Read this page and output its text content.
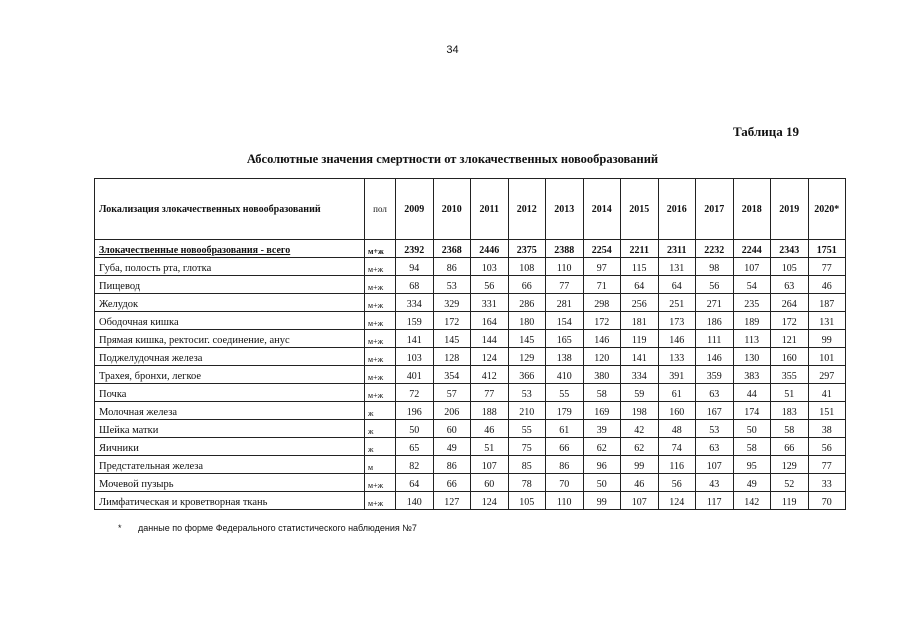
34
Таблица 19
Абсолютные значения смертности от злокачественных новообразований
Локализация злокачественных новообразований	пол	2009	2010	2011	2012	2013	2014	2015	2016	2017	2018	2019	2020*
Злокачественные новообразования - всего	м+ж	2392	2368	2446	2375	2388	2254	2211	2311	2232	2244	2343	1751
Губа, полость рта, глотка	м+ж	94	86	103	108	110	97	115	131	98	107	105	77
Пищевод	м+ж	68	53	56	66	77	71	64	64	56	54	63	46
Желудок	м+ж	334	329	331	286	281	298	256	251	271	235	264	187
Ободочная кишка	м+ж	159	172	164	180	154	172	181	173	186	189	172	131
Прямая кишка, ректосиг. соединение, анус	м+ж	141	145	144	145	165	146	119	146	111	113	121	99
Поджелудочная железа	м+ж	103	128	124	129	138	120	141	133	146	130	160	101
Трахея, бронхи, легкое	м+ж	401	354	412	366	410	380	334	391	359	383	355	297
Почка	м+ж	72	57	77	53	55	58	59	61	63	44	51	41
Молочная железа	ж	196	206	188	210	179	169	198	160	167	174	183	151
Шейка матки	ж	50	60	46	55	61	39	42	48	53	50	58	38
Яичники	ж	65	49	51	75	66	62	62	74	63	58	66	56
Предстательная железа	м	82	86	107	85	86	96	99	116	107	95	129	77
Мочевой пузырь	м+ж	64	66	60	78	70	50	46	56	43	49	52	33
Лимфатическая и кроветворная ткань	м+ж	140	127	124	105	110	99	107	124	117	142	119	70
* данные по форме Федерального статистического наблюдения №7
